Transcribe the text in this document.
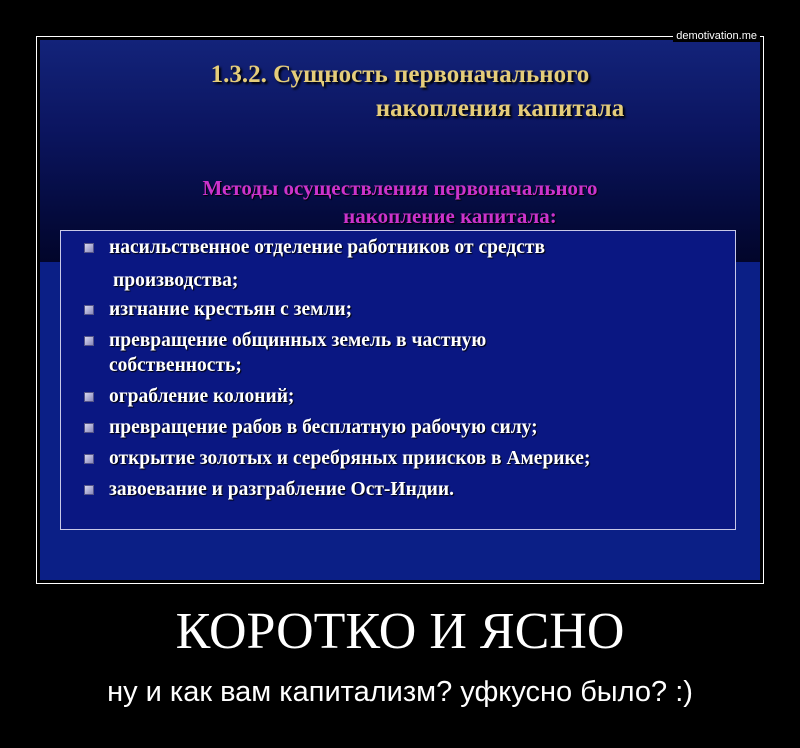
demotivation.me
1.3.2. Сущность первоначального
накопления капитала
Методы осуществления первоначального
накопление капитала:
насильственное отделение работников от средств
производства;
изгнание крестьян с земли;
превращение общинных земель в частную
собственность;
ограбление колоний;
превращение рабов в бесплатную рабочую силу;
открытие золотых и серебряных приисков в Америке;
завоевание и разграбление Ост-Индии.
КОРОТКО И ЯСНО
ну и как вам капитализм? уфкусно было? :)
